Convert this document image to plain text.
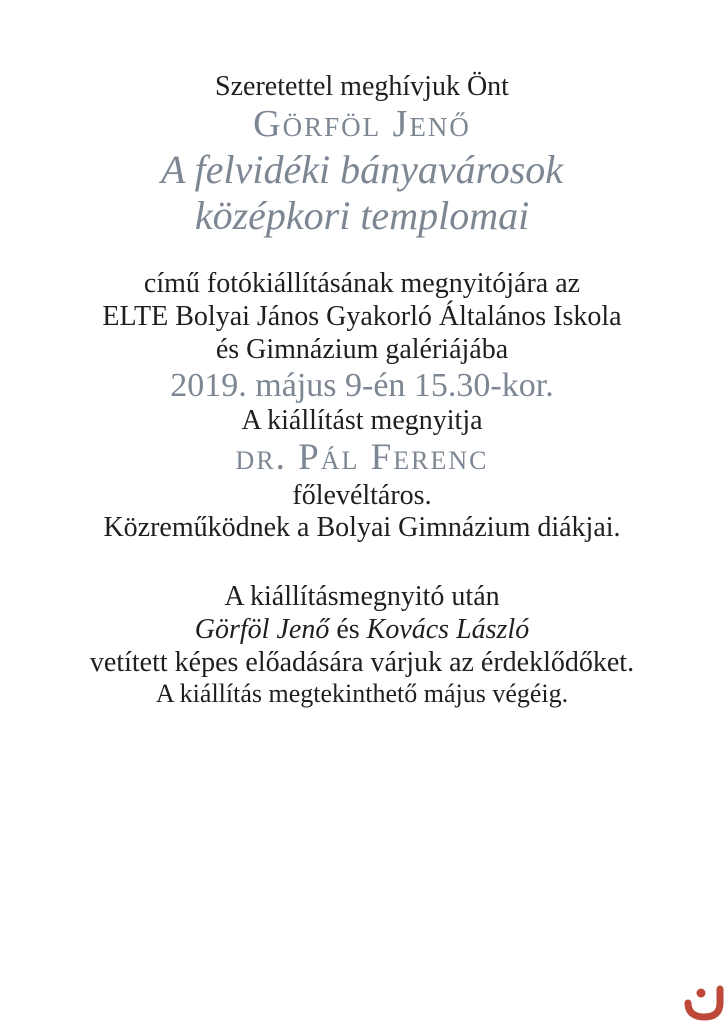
Szeretettel meghívjuk Önt

Görföl Jenő

A felvidéki bányavárosok

középkori templomai

című fotókiállításának megnyitójára az

ELTE Bolyai János Gyakorló Általános Iskola

és Gimnázium galériájába

2019. május 9-én 15.30-kor.

A kiállítást megnyitja

dr. Pál Ferenc

főlevéltáros.

Közreműködnek a Bolyai Gimnázium diákjai.

A kiállításmegnyitó után

Görföl Jenő és Kovács László

vetített képes előadására várjuk az érdeklődőket.

A kiállítás megtekinthető május végéig.
